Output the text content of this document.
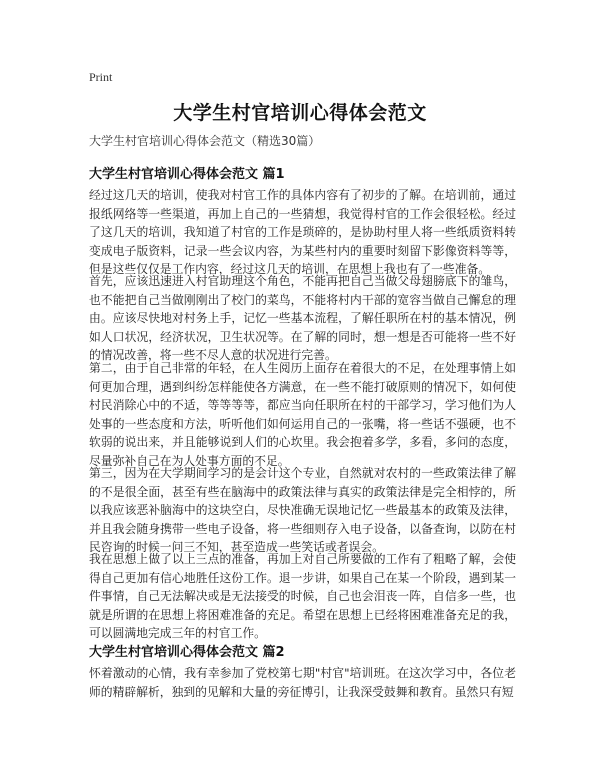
Print
大学生村官培训心得体会范文
大学生村官培训心得体会范文（精选30篇）
大学生村官培训心得体会范文 篇1

经过这几天的培训，使我对村官工作的具体内容有了初步的了解。在培训前，通过报纸网络等一些渠道，再加上自己的一些猜想，我觉得村官的工作会很轻松。经过了这几天的培训，我知道了村官的工作是琐碎的，是协助村里人将一些纸质资料转变成电子版资料，记录一些会议内容，为某些村内的重要时刻留下影像资料等等，但是这些仅仅是工作内容，经过这几天的培训，在思想上我也有了一些准备。

首先，应该迅速进入村官助理这个角色，不能再把自己当做父母翅膀底下的雏鸟，也不能把自己当做刚刚出了校门的菜鸟，不能将村内干部的宽容当做自己懈怠的理由。应该尽快地对村务上手，记忆一些基本流程，了解任职所在村的基本情况，例如人口状况，经济状况，卫生状况等。在了解的同时，想一想是否可能将一些不好的情况改善，将一些不尽人意的状况进行完善。

第二，由于自己非常的年轻，在人生阅历上面存在着很大的不足，在处理事情上如何更加合理，遇到纠纷怎样能使各方满意，在一些不能打破原则的情况下，如何使村民消除心中的不适，等等等等，都应当向任职所在村的干部学习，学习他们为人处事的一些态度和方法，听听他们如何运用自己的一张嘴，将一些话不强硬，也不软弱的说出来，并且能够说到人们的心坎里。我会抱着多学，多看，多问的态度，尽量弥补自己在为人处事方面的不足。

第三，因为在大学期间学习的是会计这个专业，自然就对农村的一些政策法律了解的不是很全面，甚至有些在脑海中的政策法律与真实的政策法律是完全相悖的，所以我应该恶补脑海中的这块空白，尽快准确无误地记忆一些最基本的政策及法律，并且我会随身携带一些电子设备，将一些细则存入电子设备，以备查询，以防在村民咨询的时候一问三不知，甚至造成一些笑话或者误会。

我在思想上做了以上三点的准备，再加上对自己所要做的工作有了粗略了解，会使得自己更加有信心地胜任这份工作。退一步讲，如果自己在某一个阶段，遇到某一件事情，自己无法解决或是无法接受的时候，自己也会泪丧一阵，自信多一些，也就是所谓的在思想上将困难准备的充足。希望在思想上已经将困难准备充足的我，可以圆满地完成三年的村官工作。

大学生村官培训心得体会范文 篇2

怀着激动的心情，我有幸参加了党校第七期"村官"培训班。在这次学习中，各位老师的精辟解析，独到的见解和大量的旁征博引，让我深受鼓舞和教育。虽然只有短
